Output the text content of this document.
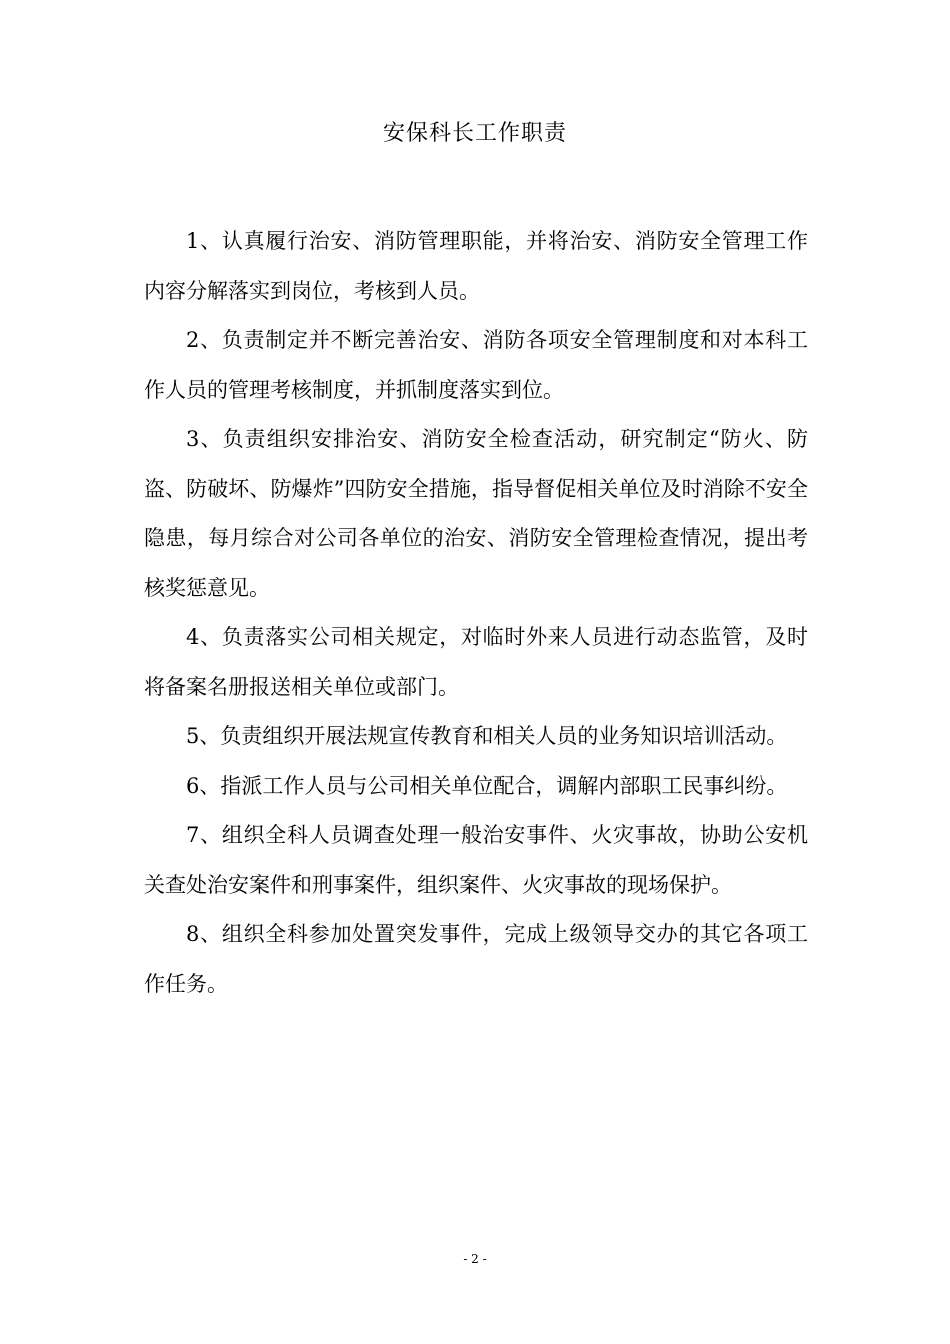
安保科长工作职责

1、认真履行治安、消防管理职能，并将治安、消防安全管理工作内容分解落实到岗位，考核到人员。

2、负责制定并不断完善治安、消防各项安全管理制度和对本科工作人员的管理考核制度，并抓制度落实到位。

3、负责组织安排治安、消防安全检查活动，研究制定“防火、防盗、防破坏、防爆炸”四防安全措施，指导督促相关单位及时消除不安全隐患，每月综合对公司各单位的治安、消防安全管理检查情况，提出考核奖惩意见。

4、负责落实公司相关规定，对临时外来人员进行动态监管，及时将备案名册报送相关单位或部门。

5、负责组织开展法规宣传教育和相关人员的业务知识培训活动。

6、指派工作人员与公司相关单位配合，调解内部职工民事纠纷。

7、组织全科人员调查处理一般治安事件、火灾事故，协助公安机关查处治安案件和刑事案件，组织案件、火灾事故的现场保护。

8、组织全科参加处置突发事件，完成上级领导交办的其它各项工作任务。

- 2 -
